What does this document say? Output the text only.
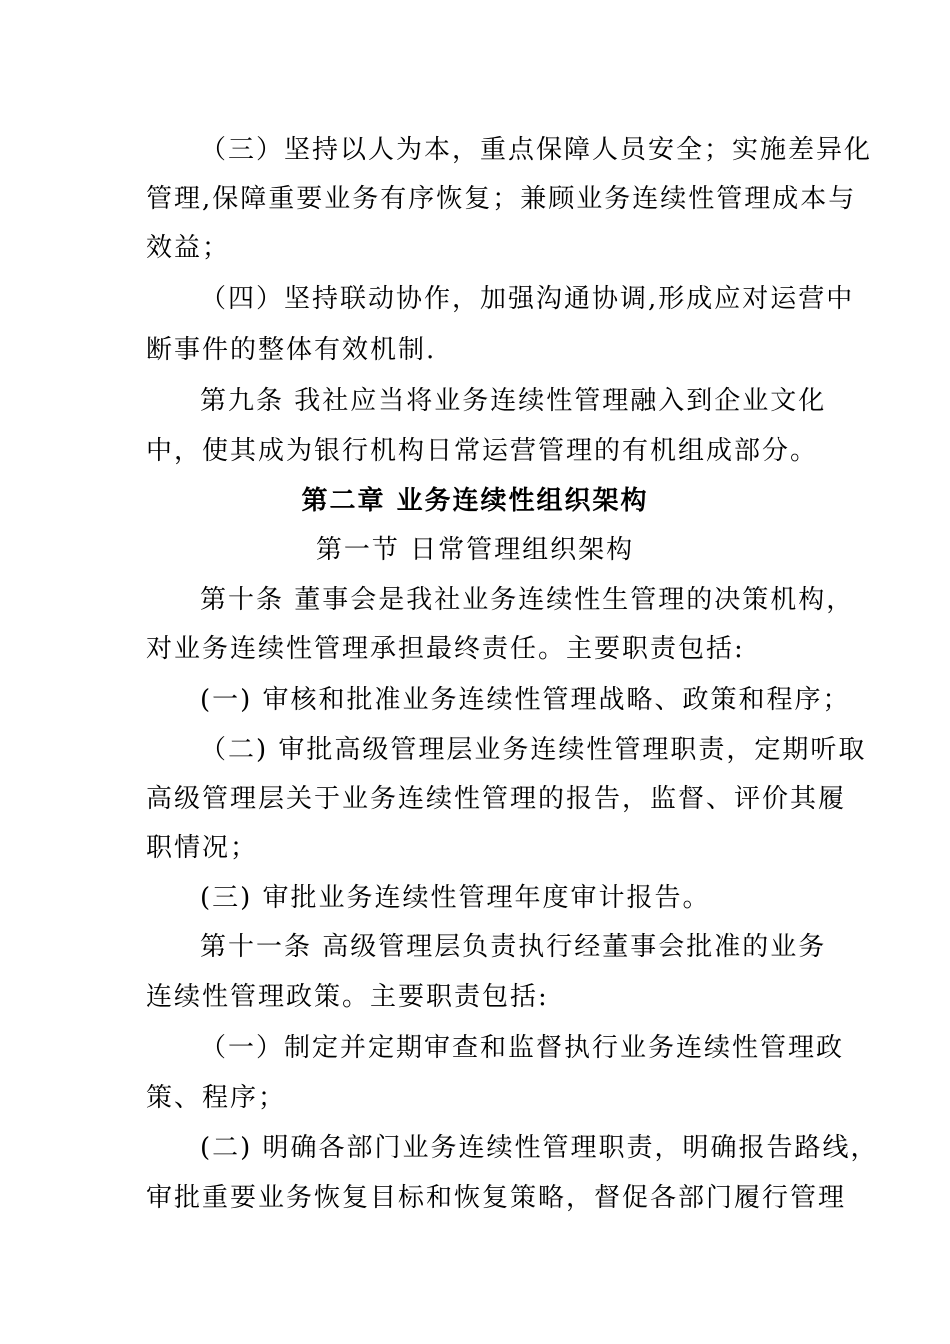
（三）坚持以人为本，重点保障人员安全；实施差异化
管理,保障重要业务有序恢复；兼顾业务连续性管理成本与
效益；
（四）坚持联动协作，加强沟通协调,形成应对运营中
断事件的整体有效机制.
第九条 我社应当将业务连续性管理融入到企业文化
中，使其成为银行机构日常运营管理的有机组成部分。
第二章 业务连续性组织架构
第一节 日常管理组织架构
第十条 董事会是我社业务连续性生管理的决策机构，
对业务连续性管理承担最终责任。主要职责包括:
(一) 审核和批准业务连续性管理战略、政策和程序；
（二) 审批高级管理层业务连续性管理职责，定期听取
高级管理层关于业务连续性管理的报告，监督、评价其履
职情况；
(三) 审批业务连续性管理年度审计报告。
第十一条 高级管理层负责执行经董事会批准的业务
连续性管理政策。主要职责包括:
（一）制定并定期审查和监督执行业务连续性管理政
策、程序；
(二) 明确各部门业务连续性管理职责，明确报告路线，
审批重要业务恢复目标和恢复策略，督促各部门履行管理
